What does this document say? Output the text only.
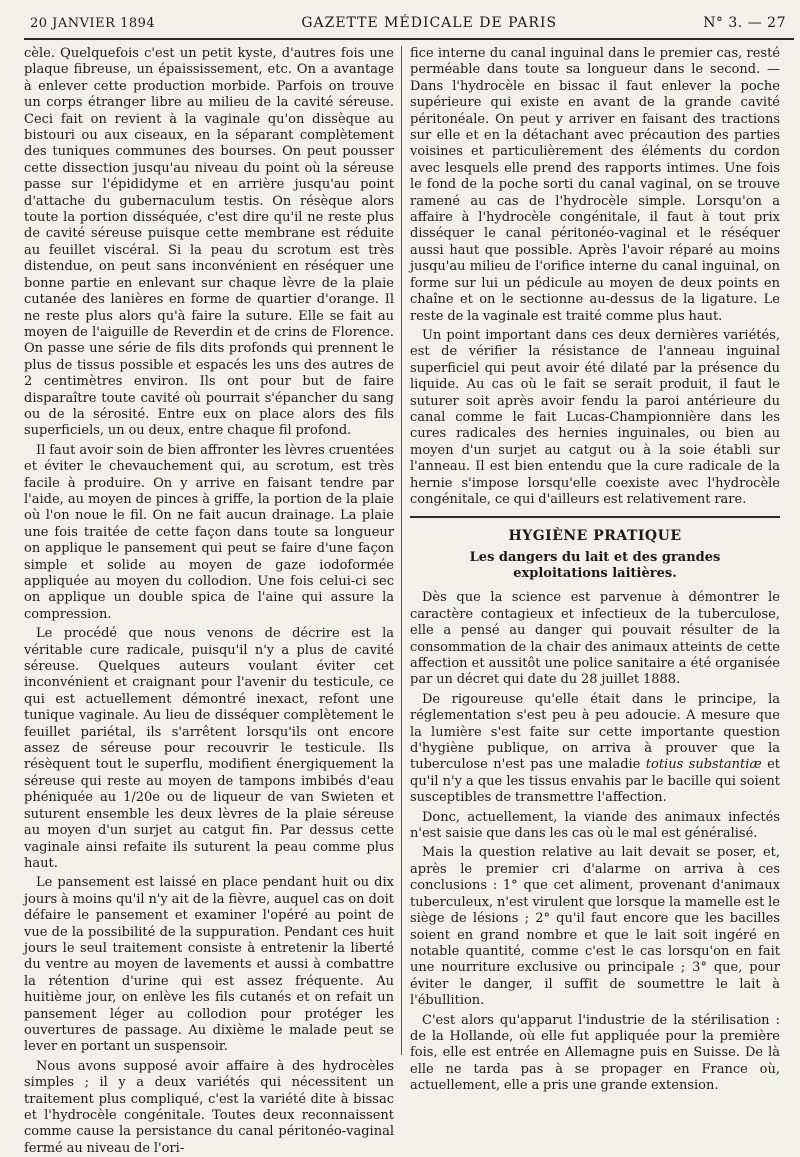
20 JANVIER 1894	GAZETTE MÉDICALE DE PARIS	N° 3. — 27

cèle. Quelquefois c'est un petit kyste, d'autres fois une plaque fibreuse, un épaississement, etc. On a avantage à enlever cette production morbide. Parfois on trouve un corps étranger libre au milieu de la cavité séreuse. Ceci fait on revient à la vaginale qu'on dissèque au bistouri ou aux ciseaux, en la séparant complètement des tuniques communes des bourses. On peut pousser cette dissection jusqu'au niveau du point où la séreuse passe sur l'épididyme et en arrière jusqu'au point d'attache du gubernaculum testis. On résèque alors toute la portion disséquée, c'est dire qu'il ne reste plus de cavité séreuse puisque cette membrane est réduite au feuillet viscéral. Si la peau du scrotum est très distendue, on peut sans inconvénient en réséquer une bonne partie en enlevant sur chaque lèvre de la plaie cutanée des lanières en forme de quartier d'orange. Il ne reste plus alors qu'à faire la suture. Elle se fait au moyen de l'aiguille de Reverdin et de crins de Florence. On passe une série de fils dits profonds qui prennent le plus de tissus possible et espacés les uns des autres de 2 centimètres environ. Ils ont pour but de faire disparaître toute cavité où pourrait s'épancher du sang ou de la sérosité. Entre eux on place alors des fils superficiels, un ou deux, entre chaque fil profond.

Il faut avoir soin de bien affronter les lèvres cruentées et éviter le chevauchement qui, au scrotum, est très facile à produire. On y arrive en faisant tendre par l'aide, au moyen de pinces à griffe, la portion de la plaie où l'on noue le fil. On ne fait aucun drainage. La plaie une fois traitée de cette façon dans toute sa longueur on applique le pansement qui peut se faire d'une façon simple et solide au moyen de gaze iodoformée appliquée au moyen du collodion. Une fois celui-ci sec on applique un double spica de l'aine qui assure la compression.

Le procédé que nous venons de décrire est la véritable cure radicale, puisqu'il n'y a plus de cavité séreuse. Quelques auteurs voulant éviter cet inconvénient et craignant pour l'avenir du testicule, ce qui est actuellement démontré inexact, refont une tunique vaginale. Au lieu de disséquer complètement le feuillet pariétal, ils s'arrêtent lorsqu'ils ont encore assez de séreuse pour recouvrir le testicule. Ils résèquent tout le superflu, modifient énergiquement la séreuse qui reste au moyen de tampons imbibés d'eau phéniquée au 1/20e ou de liqueur de van Swieten et suturent ensemble les deux lèvres de la plaie séreuse au moyen d'un surjet au catgut fin. Par dessus cette vaginale ainsi refaite ils suturent la peau comme plus haut.

Le pansement est laissé en place pendant huit ou dix jours à moins qu'il n'y ait de la fièvre, auquel cas on doit défaire le pansement et examiner l'opéré au point de vue de la possibilité de la suppuration. Pendant ces huit jours le seul traitement consiste à entretenir la liberté du ventre au moyen de lavements et aussi à combattre la rétention d'urine qui est assez fréquente. Au huitième jour, on enlève les fils cutanés et on refait un pansement léger au collodion pour protéger les ouvertures de passage. Au dixième le malade peut se lever en portant un suspensoir.

Nous avons supposé avoir affaire à des hydrocèles simples ; il y a deux variétés qui nécessitent un traitement plus compliqué, c'est la variété dite à bissac et l'hydrocèle congénitale. Toutes deux reconnaissent comme cause la persistance du canal péritonéo-vaginal fermé au niveau de l'ori-

fice interne du canal inguinal dans le premier cas, resté perméable dans toute sa longueur dans le second. — Dans l'hydrocèle en bissac il faut enlever la poche supérieure qui existe en avant de la grande cavité péritonéale. On peut y arriver en faisant des tractions sur elle et en la détachant avec précaution des parties voisines et particulièrement des éléments du cordon avec lesquels elle prend des rapports intimes. Une fois le fond de la poche sorti du canal vaginal, on se trouve ramené au cas de l'hydrocèle simple. Lorsqu'on a affaire à l'hydrocèle congénitale, il faut à tout prix disséquer le canal péritonéo-vaginal et le réséquer aussi haut que possible. Après l'avoir réparé au moins jusqu'au milieu de l'orifice interne du canal inguinal, on forme sur lui un pédicule au moyen de deux points en chaîne et on le sectionne au-dessus de la ligature. Le reste de la vaginale est traité comme plus haut.

Un point important dans ces deux dernières variétés, est de vérifier la résistance de l'anneau inguinal superficiel qui peut avoir été dilaté par la présence du liquide. Au cas où le fait se serait produit, il faut le suturer soit après avoir fendu la paroi antérieure du canal comme le fait Lucas-Championnière dans les cures radicales des hernies inguinales, ou bien au moyen d'un surjet au catgut ou à la soie établi sur l'anneau. Il est bien entendu que la cure radicale de la hernie s'impose lorsqu'elle coexiste avec l'hydrocèle congénitale, ce qui d'ailleurs est relativement rare.

HYGIÈNE PRATIQUE
Les dangers du lait et des grandes exploitations laitières.

Dès que la science est parvenue à démontrer le caractère contagieux et infectieux de la tuberculose, elle a pensé au danger qui pouvait résulter de la consommation de la chair des animaux atteints de cette affection et aussitôt une police sanitaire a été organisée par un décret qui date du 28 juillet 1888.

De rigoureuse qu'elle était dans le principe, la réglementation s'est peu à peu adoucie. A mesure que la lumière s'est faite sur cette importante question d'hygiène publique, on arriva à prouver que la tuberculose n'est pas une maladie totius substantiæ et qu'il n'y a que les tissus envahis par le bacille qui soient susceptibles de transmettre l'affection.

Donc, actuellement, la viande des animaux infectés n'est saisie que dans les cas où le mal est généralisé.

Mais la question relative au lait devait se poser, et, après le premier cri d'alarme on arriva à ces conclusions : 1° que cet aliment, provenant d'animaux tuberculeux, n'est virulent que lorsque la mamelle est le siège de lésions ; 2° qu'il faut encore que les bacilles soient en grand nombre et que le lait soit ingéré en notable quantité, comme c'est le cas lorsqu'on en fait une nourriture exclusive ou principale ; 3° que, pour éviter le danger, il suffit de soumettre le lait à l'ébullition.

C'est alors qu'apparut l'industrie de la stérilisation : de la Hollande, où elle fut appliquée pour la première fois, elle est entrée en Allemagne puis en Suisse. De là elle ne tarda pas à se propager en France où, actuellement, elle a pris une grande extension.
